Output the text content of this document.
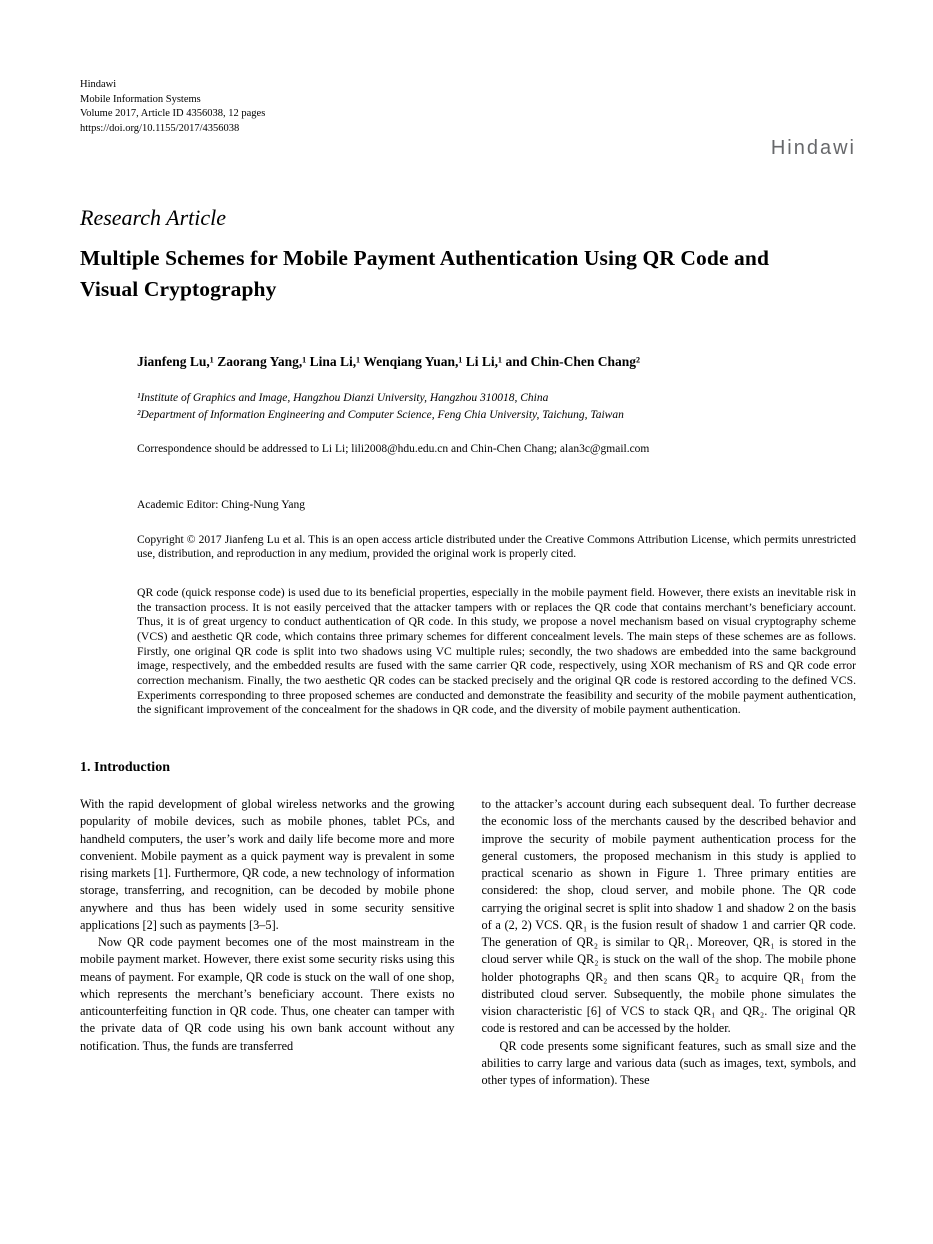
Hindawi
Mobile Information Systems
Volume 2017, Article ID 4356038, 12 pages
https://doi.org/10.1155/2017/4356038
Hindawi
Research Article
Multiple Schemes for Mobile Payment Authentication Using QR Code and Visual Cryptography
Jianfeng Lu,¹ Zaorang Yang,¹ Lina Li,¹ Wenqiang Yuan,¹ Li Li,¹ and Chin-Chen Chang²
¹Institute of Graphics and Image, Hangzhou Dianzi University, Hangzhou 310018, China
²Department of Information Engineering and Computer Science, Feng Chia University, Taichung, Taiwan
Correspondence should be addressed to Li Li; lili2008@hdu.edu.cn and Chin-Chen Chang; alan3c@gmail.com
Academic Editor: Ching-Nung Yang
Copyright © 2017 Jianfeng Lu et al. This is an open access article distributed under the Creative Commons Attribution License, which permits unrestricted use, distribution, and reproduction in any medium, provided the original work is properly cited.
QR code (quick response code) is used due to its beneficial properties, especially in the mobile payment field. However, there exists an inevitable risk in the transaction process. It is not easily perceived that the attacker tampers with or replaces the QR code that contains merchant’s beneficiary account. Thus, it is of great urgency to conduct authentication of QR code. In this study, we propose a novel mechanism based on visual cryptography scheme (VCS) and aesthetic QR code, which contains three primary schemes for different concealment levels. The main steps of these schemes are as follows. Firstly, one original QR code is split into two shadows using VC multiple rules; secondly, the two shadows are embedded into the same background image, respectively, and the embedded results are fused with the same carrier QR code, respectively, using XOR mechanism of RS and QR code error correction mechanism. Finally, the two aesthetic QR codes can be stacked precisely and the original QR code is restored according to the defined VCS. Experiments corresponding to three proposed schemes are conducted and demonstrate the feasibility and security of the mobile payment authentication, the significant improvement of the concealment for the shadows in QR code, and the diversity of mobile payment authentication.
1. Introduction

With the rapid development of global wireless networks and the growing popularity of mobile devices, such as mobile phones, tablet PCs, and handheld computers, the user’s work and daily life become more and more convenient. Mobile payment as a quick payment way is prevalent in some rising markets [1]. Furthermore, QR code, a new technology of information storage, transferring, and recognition, can be decoded by mobile phone anywhere and thus has been widely used in some security sensitive applications [2] such as payments [3–5].

Now QR code payment becomes one of the most mainstream in the mobile payment market. However, there exist some security risks using this means of payment. For example, QR code is stuck on the wall of one shop, which represents the merchant’s beneficiary account. There exists no anticounterfeiting function in QR code. Thus, one cheater can tamper with the private data of QR code using his own bank account without any notification. Thus, the funds are transferred

to the attacker’s account during each subsequent deal. To further decrease the economic loss of the merchants caused by the described behavior and improve the security of mobile payment authentication process for the general customers, the proposed mechanism in this study is applied to practical scenario as shown in Figure 1. Three primary entities are considered: the shop, cloud server, and mobile phone. The QR code carrying the original secret is split into shadow 1 and shadow 2 on the basis of a (2, 2) VCS. QR₁ is the fusion result of shadow 1 and carrier QR code. The generation of QR₂ is similar to QR₁. Moreover, QR₁ is stored in the cloud server while QR₂ is stuck on the wall of the shop. The mobile phone holder photographs QR₂ and then scans QR₂ to acquire QR₁ from the distributed cloud server. Subsequently, the mobile phone simulates the vision characteristic [6] of VCS to stack QR₁ and QR₂. The original QR code is restored and can be accessed by the holder.

QR code presents some significant features, such as small size and the abilities to carry large and various data (such as images, text, symbols, and other types of information). These
